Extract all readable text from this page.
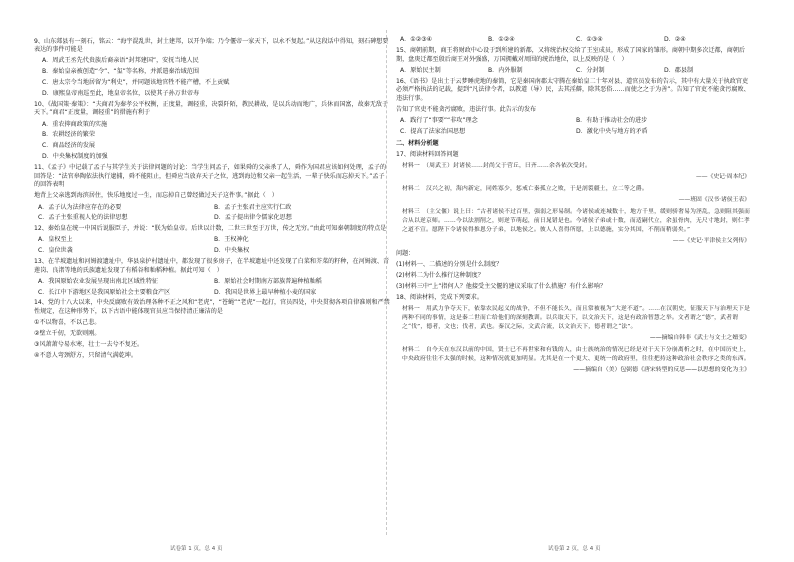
9、山东郯县有一刻石，铭云：“海宇混乱世，封土建邦，以开争端；乃令偃帝一家天下，以永不复起。”从这段话中得知，刻石碑想要表达的事件可能是

A．周武王丞先代贵族后裔亲语“封邦建国”，安抚当地人民

B．秦始皇亲被创造“令”、“玺”等名称，并派遣秦治域范围

C．唐太宗令当地居留为“利史”，并同题该地官牲不能产槽，不上贡赋

D．康熙皇帝南巡至此，地皇帝名位，以使其子孙万世帝寿

10、《战国策·秦策》：“夫商君为秦孝公平权衡，正度量，调轻重，决裂阡陌，教民耕战，是以兵动而地广，兵休而国富，故秦无敌于天下。”商君“正度量，调轻重”的措施有利于

A．重农抑商政策的实施

B．农耕经济的繁荣

C．商品经济的发展

D．中央集权制度的加强

11、《孟子》中记载了孟子与其学生关于法律问题的讨论：当学生问孟子，如果舜的父亲杀了人，舜作为国君应该如何处理，孟子的回答是：“法官皋陶依法执行逮捕，舜不能阻止，但舜应当放弃天子之位，逃到海边和父亲一起生活，一辈子快乐而忘掉天下。”孟子的回答表明

地背上父亲逃到海滨居住，快乐地度过一生，而忘掉自己曾经做过天子这件事。”据此（　）

A．孟子认为法律应存在的必要	B．孟子主张君主应实行仁政
C．孟子主张重视人伦的法律思想	D．孟子提出律令儒家化思想

12、秦始皇在统一中国后说服臣子，并说：“朕为始皇帝。后世以计数，二世三世至于万世，传之无穷。”由此可知秦朝制度的特点是

A．皇权至上	B．王权神化
C．皇位世袭	D．中央集权

13、在半坡遗址和河姆渡遗址中，华县泉护村遗址中，都发现了很多房子，在半坡遗址中还发现了白菜和芥菜的籽种，在河姆渡、青莲岗、良渚等地的氏族遗址发现了有稻谷和籼稻种植。据此可知（　）

A．我国原始农业发展呈现出南北区域性特征	B．原始社会时期南方部族普遍种植籼稻
C．长江中下游地区是我国原始社会主要粮食产区	D．我国是世界上最早种植小麦的国家

14、党的十八大以来，中央反腐败有效治理各种不正之风和“老虎”，“苍蝇”“老虎”一起打，官员四处，中央贯彻各项自律准则和严禁性规定，在这种形势下，以下古语中能体现官员应当保持清正廉洁的是

①不以物喜，不以己悲。

②壁立千仞，无欲则刚。

③风萧萧兮易水寒，壮士一去兮不复还。

④不意人弯颈舒方，只留清气满乾坤。

A．①②③④	B．①②④	C．①③④	D．②④

15、商朝前期，商王将财政中心设于到所建的新都，又将统治权交给了王室成员，形成了国家的雏形。商朝中期多次迁都，商朝后期，盘庚迁都至殷后商王对外强盛，万国拥戴对周围的统治地位，以上反映的是（　）

A．原始民主制	B．内外服制	C．分封制	D．郡县制

16、《语书》是出土于云梦睡虎地的秦简，它是秦国南郡太守腾在秦始皇二十年对县、道官员发布的告示，其中有大量关于执政官吏必须严格执法的记载，提到“凡法律令者，以教道（导）民，去其淫僻，除其恶俗……而使之之于为善”。告知了官吏不能贪污腐败、违法行事。

告知了官吏不能贪污腐败，违法行事。此告示的发布

A．践行了“事要”“非攻”理念	B．有助于推动社会的进步
C．提高了法家治国思想	D．激化中央与地方的矛盾

二、材料分析题

17、阅读材料回答问题

材料一　（周武王）封诸侯……封尚父于营丘，曰齐……余各依次受封。

——《史记·周本纪》

材料二　汉兴之初，海内新定，同姓寡少，惩戒亡秦孤立之败，于是剖裂疆土，立二等之爵。

——班固《汉书·诸侯王表》

材料三　（主父偃）说上曰：“古者诸侯不过百里，强弱之形易制。今诸侯或连城数十，地方千里，缓则骄奢易为淫乱，急则阻其强而合从以逆京师。……今以法割削之，则逆节萌起，前日晁错是也。今诸侯子弟或十数，而适嗣代立，余虽骨肉，无尺寸地封，则仁孝之道不宣。愿陛下令诸侯得推恩分子弟，以地侯之。彼人人喜得所愿，上以德施，实分其国，不削而稍弱矣。”

——《史记·平津侯主父列传》

问题：

(1)材料一、二描述的分别是什么制度？

(2)材料二为什么推行这种制度？

(3)材料三中“上”指何人？他接受主父偃的建议采取了什么措施？有什么影响？

18、阅读材料，完成下列要求。

材料一　用武力争夺天下，依靠农民起义的战争，不但不能长久，而且常被视为“大逆不道”。……在汉朝史，征服天下与治理天下是两种不同的事情，这是秦二世而亡给他们的深刻教训。以兵取天下，以文治天下，这是有政治智慧之举。文者谓之“德”，武者谓之“伐”，德者，文也；伐者，武也。秦汉之际，文武合流，以文治天下，德者谓之“法”。

——摘编自韩非《武士与文士之嬗变》

材料二　自今天在东汉以前的中国，贤士已不再世家和有钱的人，由士族统治的情况已经是对于天下分崩离析之时，在中国历史上，中央政府往往不太强的时候，这种情况就更加明显。尤其是在一个更大、更统一的政府里，往往把持这种政治社会秩序之类的东西。

——摘编自（美）包弼德《唐宋转型的反思——以思想的变化为主》

试卷第 1 页，总 4 页	试卷第 2 页，总 4 页
